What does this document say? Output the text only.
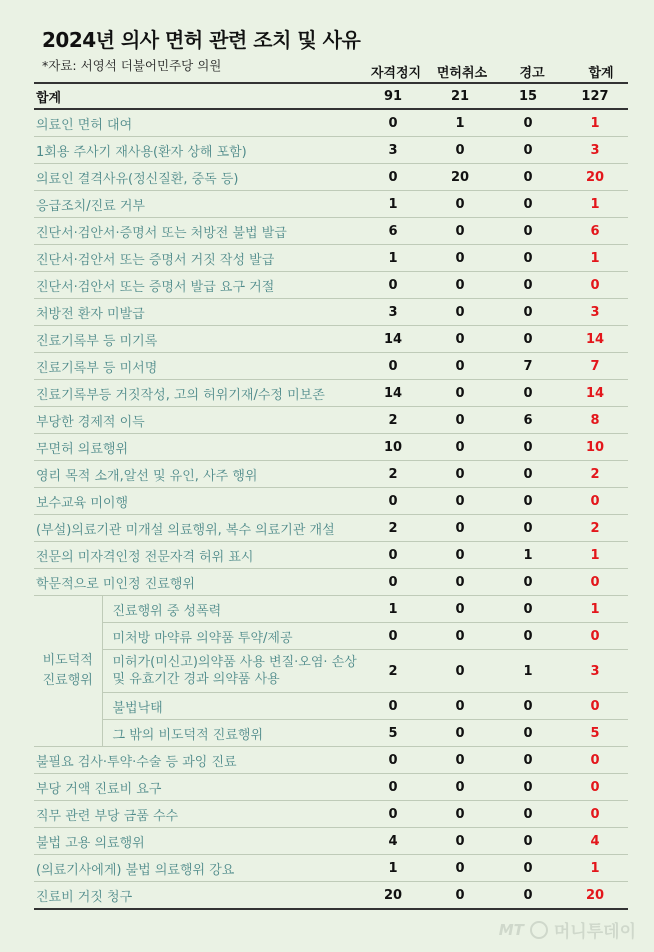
2024년 의사 면허 관련 조치 및 사유
*자료: 서영석 더불어민주당 의원
자격정지	면허취소	경고	합계
합계		91	21	15	127
의료인 면허 대여		0	1	0	1
1회용 주사기 재사용(환자 상해 포함)		3	0	0	3
의료인 결격사유(정신질환, 중독 등)		0	20	0	20
응급조치/진료 거부		1	0	0	1
진단서·검안서·증명서 또는 처방전 불법 발급		6	0	0	6
진단서·검안서 또는 증명서 거짓 작성 발급		1	0	0	1
진단서·검안서 또는 증명서 발급 요구 거절		0	0	0	0
처방전 환자 미발급		3	0	0	3
진료기록부 등 미기록		14	0	0	14
진료기록부 등 미서명		0	0	7	7
진료기록부등 거짓작성, 고의 허위기재/수정 미보존		14	0	0	14
부당한 경제적 이득		2	0	6	8
무면허 의료행위		10	0	0	10
영리 목적 소개,알선 및 유인, 사주 행위		2	0	0	2
보수교육 미이행		0	0	0	0
(부설)의료기관 미개설 의료행위, 복수 의료기관 개설		2	0	0	2
전문의 미자격인정 전문자격 허위 표시		0	0	1	1
학문적으로 미인정 진료행위		0	0	0	0
비도덕적 진료행위	진료행위 중 성폭력	1	0	0	1
	미처방 마약류 의약품 투약/제공	0	0	0	0
	미허가(미신고)의약품 사용 변질·오염· 손상 및 유효기간 경과 의약품 사용	2	0	1	3
	불법낙태	0	0	0	0
	그 밖의 비도덕적 진료행위	5	0	0	5
불필요 검사·투약·수술 등 과잉 진료		0	0	0	0
부당 거액 진료비 요구		0	0	0	0
직무 관련 부당 금품 수수		0	0	0	0
불법 고용 의료행위		4	0	0	4
(의료기사에게) 불법 의료행위 강요		1	0	0	1
진료비 거짓 청구		20	0	0	20
MT 머니투데이
